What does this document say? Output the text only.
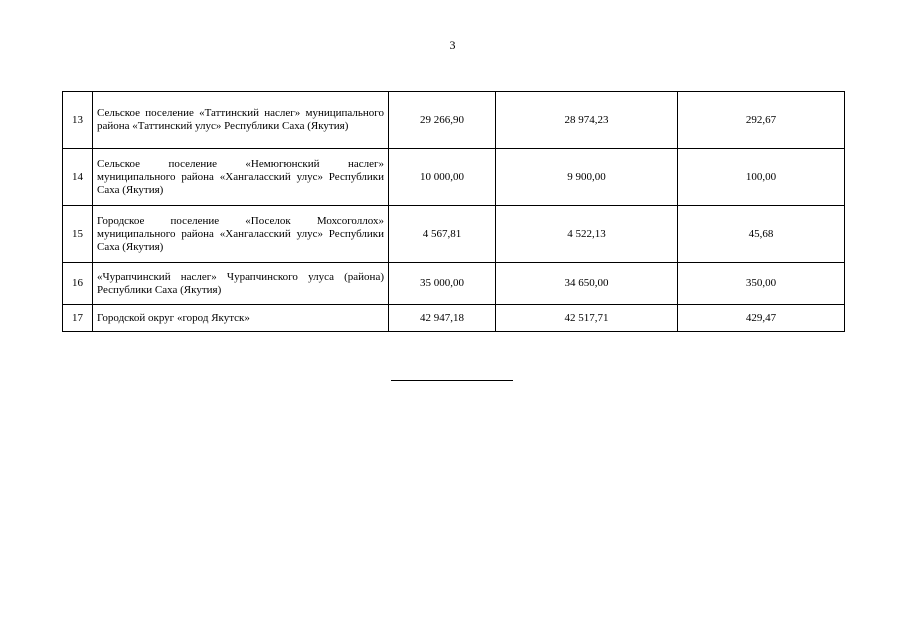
3
13	Сельское поселение «Таттинский наслег» муниципального района «Таттинский улус» Республики Саха (Якутия)	29 266,90	28 974,23	292,67
14	Сельское поселение «Немюгюнский наслег» муниципального района «Хангаласский улус» Республики Саха (Якутия)	10 000,00	9 900,00	100,00
15	Городское поселение «Поселок Мохсоголлох» муниципального района «Хангаласский улус» Республики Саха (Якутия)	4 567,81	4 522,13	45,68
16	«Чурапчинский наслег» Чурапчинского улуса (района) Республики Саха (Якутия)	35 000,00	34 650,00	350,00
17	Городской округ «город Якутск»	42 947,18	42 517,71	429,47
